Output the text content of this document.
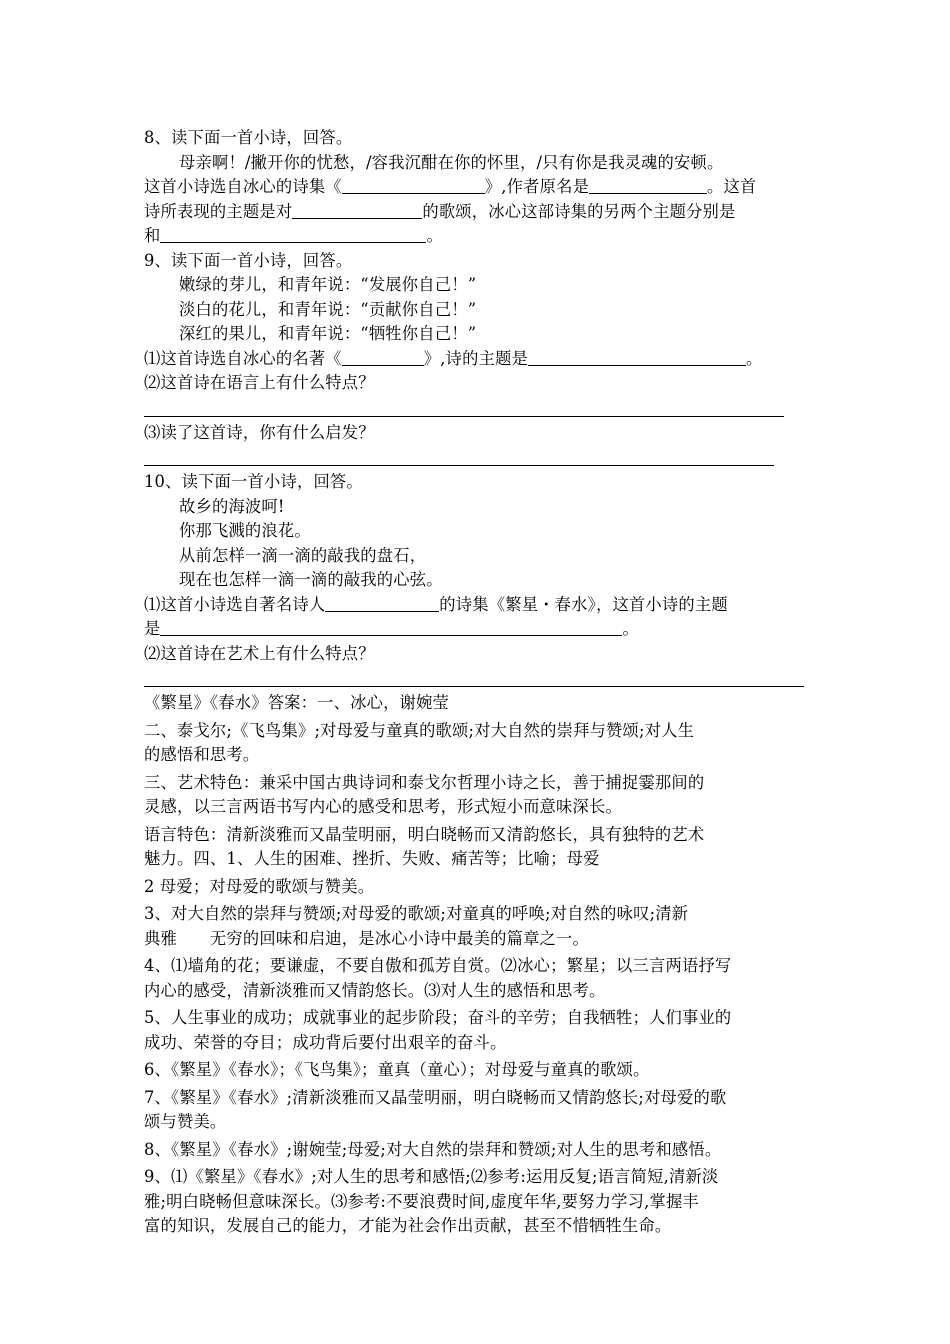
8、读下面一首小诗，回答。
母亲啊！/撇开你的忧愁，/容我沉酣在你的怀里，/只有你是我灵魂的安顿。
这首小诗选自冰心的诗集《	》,作者原名是	。这首
诗所表现的主题是对	的歌颂，冰心这部诗集的另两个主题分别是
和	。
9、读下面一首小诗，回答。
嫩绿的芽儿，和青年说：“发展你自己！”
淡白的花儿，和青年说：“贡献你自己！”
深红的果儿，和青年说：“牺牲你自己！”
⑴这首诗选自冰心的名著《	》,诗的主题是	。
⑵这首诗在语言上有什么特点？
⑶读了这首诗，你有什么启发？
10、读下面一首小诗，回答。
故乡的海波呵!
你那飞溅的浪花。
从前怎样一滴一滴的敲我的盘石，
现在也怎样一滴一滴的敲我的心弦。
⑴这首小诗选自著名诗人	的诗集《繁星・春水》，这首小诗的主题
是	。
⑵这首诗在艺术上有什么特点？
《繁星》《春水》答案：一、冰心，谢婉莹
二、泰戈尔;《飞鸟集》;对母爱与童真的歌颂;对大自然的崇拜与赞颂;对人生
的感悟和思考。
三、艺术特色：兼采中国古典诗词和泰戈尔哲理小诗之长，善于捕捉霎那间的
灵感，以三言两语书写内心的感受和思考，形式短小而意味深长。
语言特色：清新淡雅而又晶莹明丽，明白晓畅而又清韵悠长，具有独特的艺术
魅力。四、1、人生的困难、挫折、失败、痛苦等；比喻；母爱
2 母爱；对母爱的歌颂与赞美。
3、对大自然的崇拜与赞颂;对母爱的歌颂;对童真的呼唤;对自然的咏叹;清新
典雅　　无穷的回味和启迪，是冰心小诗中最美的篇章之一。
4、⑴墙角的花；要谦虚，不要自傲和孤芳自赏。⑵冰心；繁星；以三言两语抒写
内心的感受，清新淡雅而又情韵悠长。⑶对人生的感悟和思考。
5、人生事业的成功；成就事业的起步阶段；奋斗的辛劳；自我牺牲；人们事业的
成功、荣誉的夺目；成功背后要付出艰辛的奋斗。
6、《繁星》《春水》；《飞鸟集》；童真（童心）；对母爱与童真的歌颂。
7、《繁星》《春水》;清新淡雅而又晶莹明丽，明白晓畅而又情韵悠长;对母爱的歌
颂与赞美。
8、《繁星》《春水》;谢婉莹;母爱;对大自然的崇拜和赞颂;对人生的思考和感悟。
9、⑴《繁星》《春水》;对人生的思考和感悟;⑵参考:运用反复;语言简短,清新淡
雅;明白晓畅但意味深长。⑶参考:不要浪费时间,虚度年华,要努力学习,掌握丰
富的知识，发展自己的能力，才能为社会作出贡献，甚至不惜牺牲生命。
